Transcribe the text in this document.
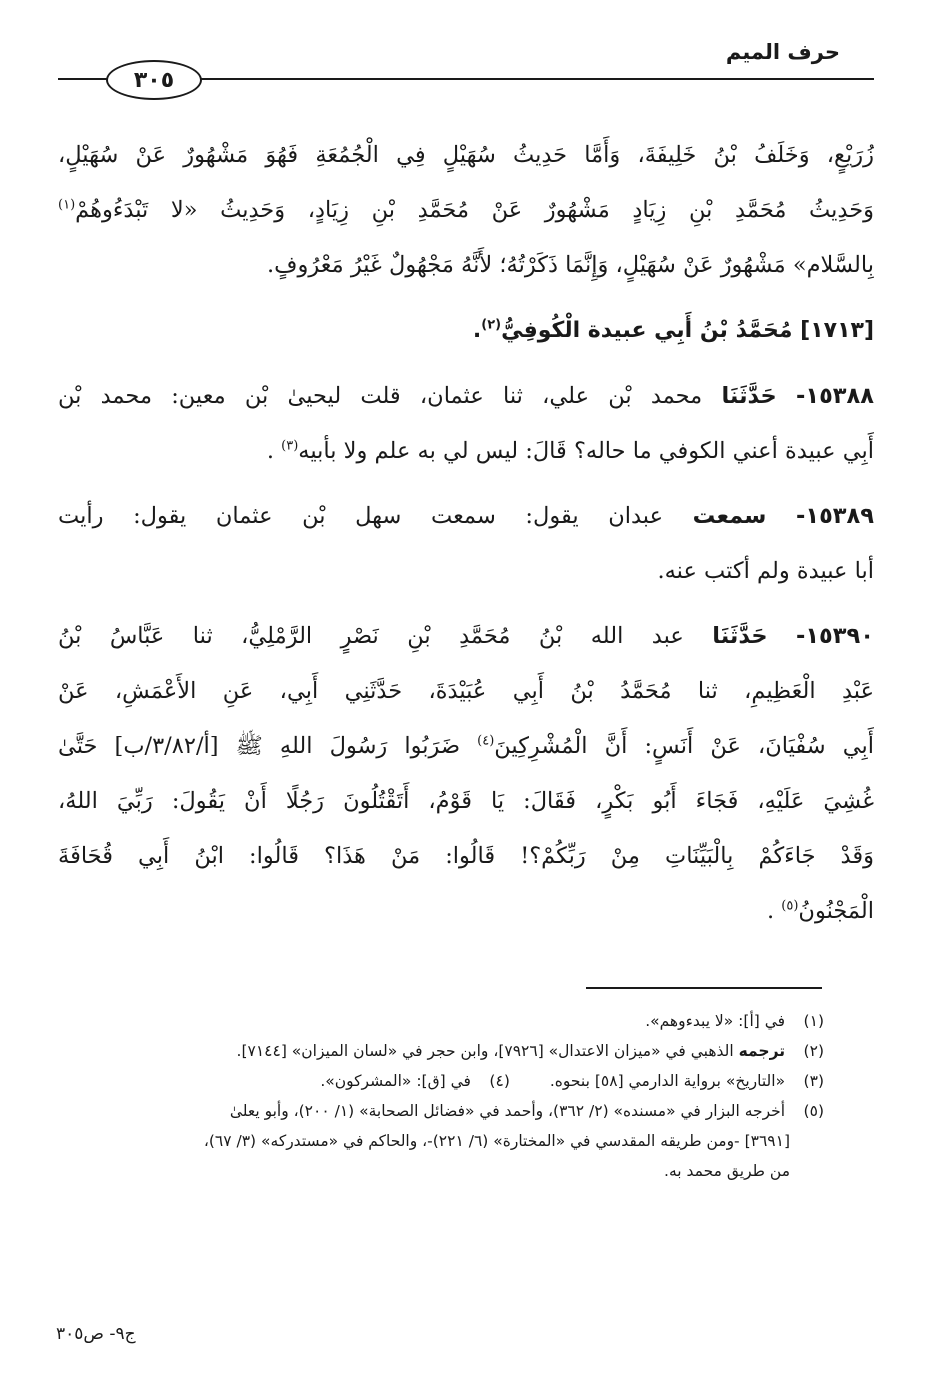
حرف الميم
٣٠٥
زُرَيْعٍ، وَخَلَفُ بْنُ خَلِيفَةَ، وَأَمَّا حَدِيثُ سُهَيْلٍ فِي الْجُمُعَةِ فَهُوَ مَشْهُورٌ عَنْ سُهَيْلٍ،
وَحَدِيثُ مُحَمَّدِ بْنِ زِيَادٍ مَشْهُورٌ عَنْ مُحَمَّدِ بْنِ زِيَادٍ، وَحَدِيثُ «لا تَبْدَءُوهُمْ$^{(١)}$
بِالسَّلام» مَشْهُورٌ عَنْ سُهَيْلٍ، وَإِنَّمَا ذَكَرْتُهُ؛ لأَنَّهُ مَجْهُولٌ غَيْرُ مَعْرُوفٍ.
[١٧١٣] مُحَمَّدُ بْنُ أَبِي عبيدة الْكُوفِيُّ$^{(٢)}$.
١٥٣٨٨- حَدَّثَنَا محمد بْن علي، ثنا عثمان، قلت ليحيىٰ بْن معين: محمد بْن
أَبِي عبيدة أعني الكوفي ما حاله؟ قَالَ: ليس لي به علم ولا بأبيه$^{(٣)}$ .
١٥٣٨٩- سمعت عبدان يقول: سمعت سهل بْن عثمان يقول: رأيت
أبا عبيدة ولم أكتب عنه.
١٥٣٩٠- حَدَّثَنَا عبد الله بْنُ مُحَمَّدِ بْنِ نَصْرٍ الرَّمْلِيُّ، ثنا عَبَّاسُ بْنُ
عَبْدِ الْعَظِيمِ، ثنا مُحَمَّدُ بْنُ أَبِي عُبَيْدَةَ، حَدَّثَنِي أَبِي، عَنِ الأَعْمَشِ، عَنْ
أَبِي سُفْيَانَ، عَنْ أَنَسٍ: أَنَّ الْمُشْرِكِينَ$^{(٤)}$ ضَرَبُوا رَسُولَ اللهِ ﷺ [أ/٣/٨٢/ب] حَتَّىٰ
غُشِيَ عَلَيْهِ، فَجَاءَ أَبُو بَكْرٍ، فَقَالَ: يَا قَوْمُ، أَتَقْتُلُونَ رَجُلًا أَنْ يَقُولَ: رَبِّيَ اللهُ،
وَقَدْ جَاءَكُمْ بِالْبَيِّنَاتِ مِنْ رَبِّكُمْ؟! قَالُوا: مَنْ هَذَا؟ قَالُوا: ابْنُ أَبِي قُحَافَةَ
الْمَجْنُونُ$^{(٥)}$ .
(١) في [أ]: «لا يبدءوهم».
(٢) ترجمه الذهبي في «ميزان الاعتدال» [٧٩٢٦]، وابن حجر في «لسان الميزان» [٧١٤٤].
(٣) «التاريخ» برواية الدارمي [٥٨] بنحوه.(٤) في [ق]: «المشركون».
(٥) أخرجه البزار في «مسنده» (٢/ ٣٦٢)، وأحمد في «فضائل الصحابة» (١/ ٢٠٠)، وأبو يعلىٰ
[٣٦٩١] -ومن طريقه المقدسي في «المختارة» (٦/ ٢٢١)-، والحاكم في «مستدركه» (٣/ ٦٧)،
من طريق محمد به.
ج٩- ص٣٠٥
